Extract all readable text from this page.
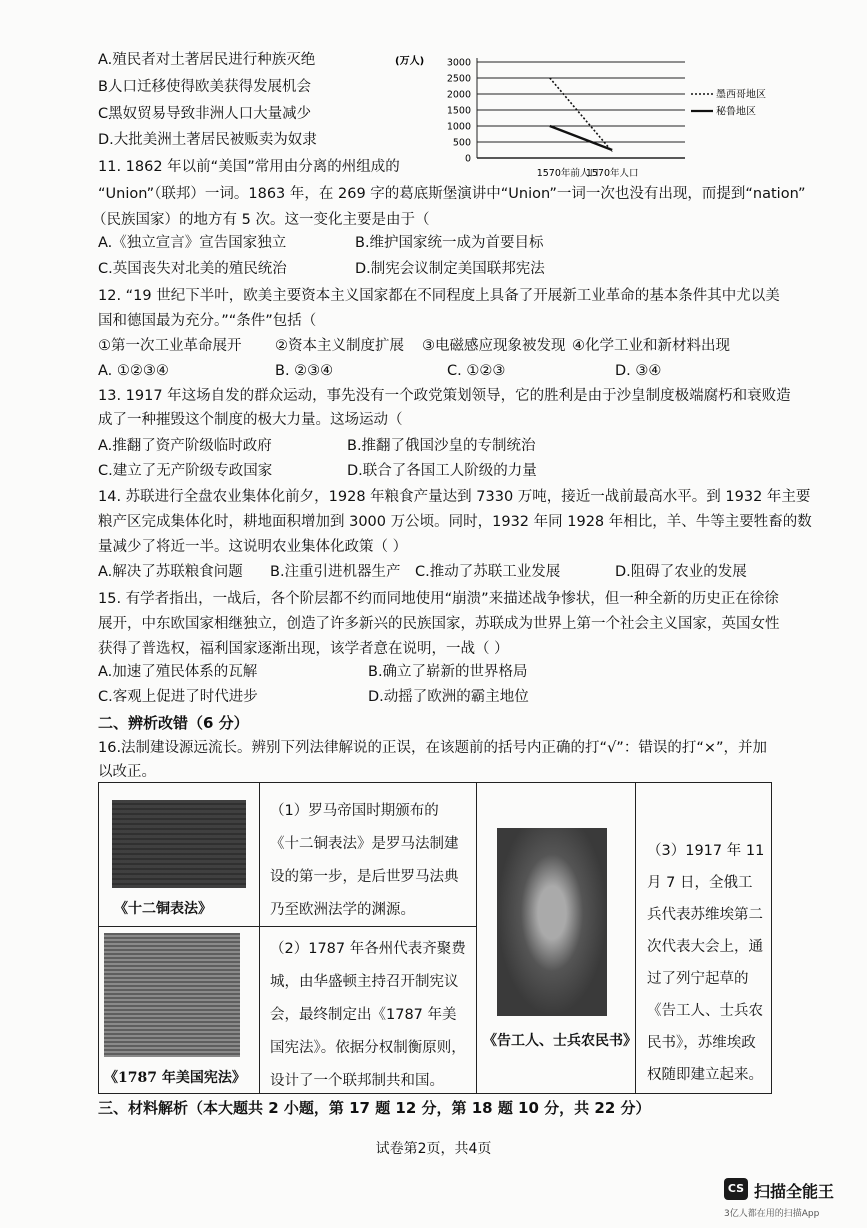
A.殖民者对土著居民进行种族灭绝
B人口迁移使得欧美获得发展机会
C黑奴贸易导致非洲人口大量减少
D.大批美洲土著居民被贩卖为奴隶
(万人) 3000
2500
2000
1500
1000
500
0
1570年前人口
1570年人口
墨西哥地区
秘鲁地区
11. 1862 年以前“美国”常用由分离的州组成的
“Union”（联邦）一词。1863 年，在 269 字的葛底斯堡演讲中“Union”一词一次也没有出现，而提到“nation”
（民族国家）的地方有 5 次。这一变化主要是由于（
A.《独立宣言》宣告国家独立	B.维护国家统一成为首要目标
C.英国丧失对北美的殖民统治	D.制宪会议制定美国联邦宪法
12. “19 世纪下半叶，欧美主要资本主义国家都在不同程度上具备了开展新工业革命的基本条件其中尤以美
国和德国最为充分。”“条件”包括（
①第一次工业革命展开 ②资本主义制度扩展 ③电磁感应现象被发现 ④化学工业和新材料出现
A. ①②③④	B. ②③④	C. ①②③	D. ③④
13. 1917 年这场自发的群众运动，事先没有一个政党策划领导，它的胜利是由于沙皇制度极端腐朽和衰败造
成了一种摧毁这个制度的极大力量。这场运动（
A.推翻了资产阶级临时政府	B.推翻了俄国沙皇的专制统治
C.建立了无产阶级专政国家	D.联合了各国工人阶级的力量
14. 苏联进行全盘农业集体化前夕，1928 年粮食产量达到 7330 万吨，接近一战前最高水平。到 1932 年主要
粮产区完成集体化时，耕地面积增加到 3000 万公顷。同时，1932 年同 1928 年相比，羊、牛等主要牲畜的数
量减少了将近一半。这说明农业集体化政策（ ）
A.解决了苏联粮食问题 B.注重引进机器生产 C.推动了苏联工业发展	D.阻碍了农业的发展
15. 有学者指出，一战后，各个阶层都不约而同地使用“崩溃”来描述战争惨状，但一种全新的历史正在徐徐
展开，中东欧国家相继独立，创造了许多新兴的民族国家，苏联成为世界上第一个社会主义国家，英国女性
获得了普选权，福利国家逐渐出现，该学者意在说明，一战（ ）
A.加速了殖民体系的瓦解	B.确立了崭新的世界格局
C.客观上促进了时代进步	D.动摇了欧洲的霸主地位
二、辨析改错（6 分）
16.法制建设源远流长。辨别下列法律解说的正误，在该题前的括号内正确的打“√”：错误的打“×”，并加
以改正。
《十二铜表法》
（1）罗马帝国时期颁布的《十二铜表法》是罗马法制建设的第一步，是后世罗马法典乃至欧洲法学的渊源。
《1787 年美国宪法》
（2）1787 年各州代表齐聚费城，由华盛顿主持召开制宪议会，最终制定出《1787 年美国宪法》。依据分权制衡原则，设计了一个联邦制共和国。
《告工人、士兵农民书》
（3）1917 年 11 月 7 日，全俄工兵代表苏维埃第二次代表大会上，通过了列宁起草的《告工人、士兵农民书》，苏维埃政权随即建立起来。
三、材料解析（本大题共 2 小题，第 17 题 12 分，第 18 题 10 分，共 22 分）
试卷第2页，共4页
CS 扫描全能王
3亿人都在用的扫描App
